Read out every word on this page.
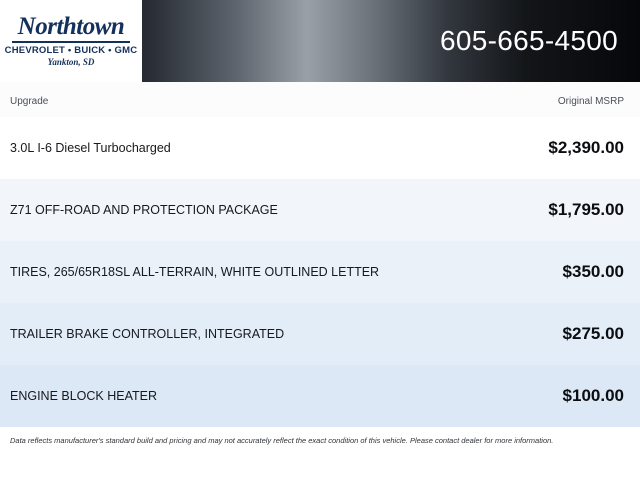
Northtown
CHEVROLET • BUICK • GMC
Yankton, SD
605-665-4500
Upgrade	Original MSRP
3.0L I-6 Diesel Turbocharged	$2,390.00
Z71 OFF-ROAD AND PROTECTION PACKAGE	$1,795.00
TIRES, 265/65R18SL ALL-TERRAIN, WHITE OUTLINED LETTER	$350.00
TRAILER BRAKE CONTROLLER, INTEGRATED	$275.00
ENGINE BLOCK HEATER	$100.00
Data reflects manufacturer's standard build and pricing and may not accurately reflect the exact condition of this vehicle. Please contact dealer for more information.
